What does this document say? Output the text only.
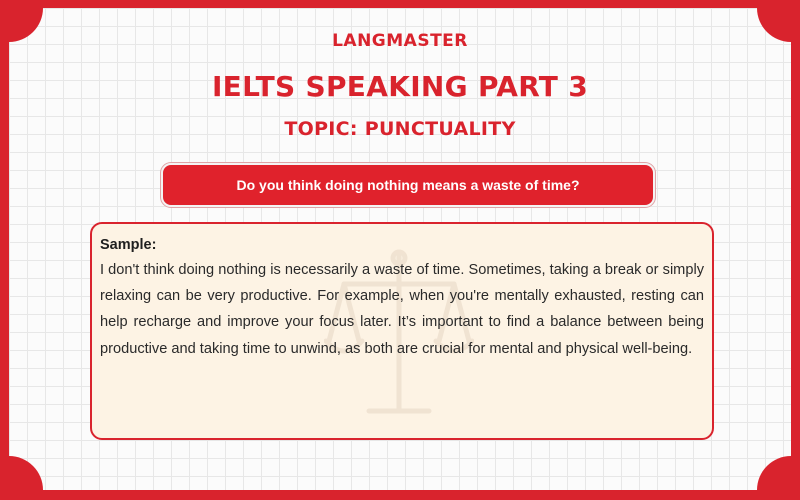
LANGMASTER
IELTS SPEAKING PART 3
TOPIC: PUNCTUALITY
Do you think doing nothing means a waste of time?
Sample:

I don't think doing nothing is necessarily a waste of time. Sometimes, taking a break or simply relaxing can be very productive. For example, when you're mentally exhausted, resting can help recharge and improve your focus later. It’s important to find a balance between being productive and taking time to unwind, as both are crucial for mental and physical well-being.
